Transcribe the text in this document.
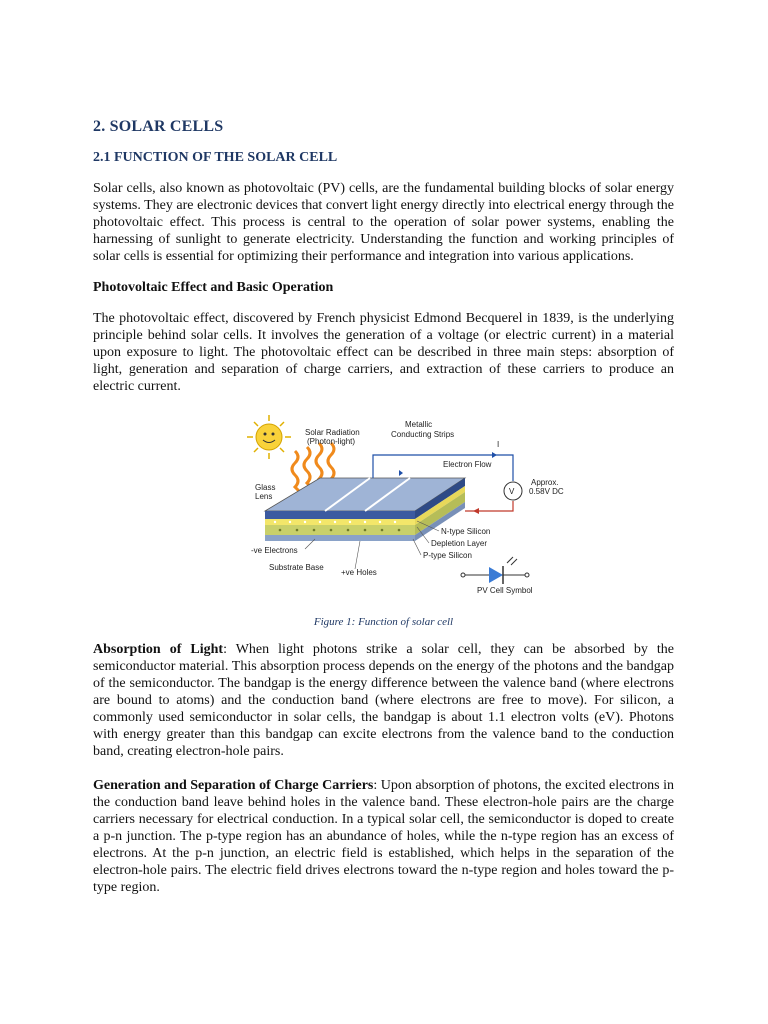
2. SOLAR CELLS
2.1 FUNCTION OF THE SOLAR CELL

Solar cells, also known as photovoltaic (PV) cells, are the fundamental building blocks of solar energy systems. They are electronic devices that convert light energy directly into electrical energy through the photovoltaic effect. This process is central to the operation of solar power systems, enabling the harnessing of sunlight to generate electricity. Understanding the function and working principles of solar cells is essential for optimizing their performance and integration into various applications.

Photovoltaic Effect and Basic Operation

The photovoltaic effect, discovered by French physicist Edmond Becquerel in 1839, is the underlying principle behind solar cells. It involves the generation of a voltage (or electric current) in a material upon exposure to light. The photovoltaic effect can be described in three main steps: absorption of light, generation and separation of charge carriers, and extraction of these carriers to produce an electric current.

V
Solar Radiation
(Photon-light)
Metallic
Conducting Strips
I
Electron Flow
Approx.
0.58V DC
Glass
Lens
N-type Silicon
Depletion Layer
P-type Silicon
-ve Electrons
Substrate Base
+ve Holes
PV Cell Symbol
Figure 1: Function of solar cell

Absorption of Light: When light photons strike a solar cell, they can be absorbed by the semiconductor material. This absorption process depends on the energy of the photons and the bandgap of the semiconductor. The bandgap is the energy difference between the valence band (where electrons are bound to atoms) and the conduction band (where electrons are free to move). For silicon, a commonly used semiconductor in solar cells, the bandgap is about 1.1 electron volts (eV). Photons with energy greater than this bandgap can excite electrons from the valence band to the conduction band, creating electron-hole pairs.

Generation and Separation of Charge Carriers: Upon absorption of photons, the excited electrons in the conduction band leave behind holes in the valence band. These electron-hole pairs are the charge carriers necessary for electrical conduction. In a typical solar cell, the semiconductor is doped to create a p-n junction. The p-type region has an abundance of holes, while the n-type region has an excess of electrons. At the p-n junction, an electric field is established, which helps in the separation of the electron-hole pairs. The electric field drives electrons toward the n-type region and holes toward the p-type region.
